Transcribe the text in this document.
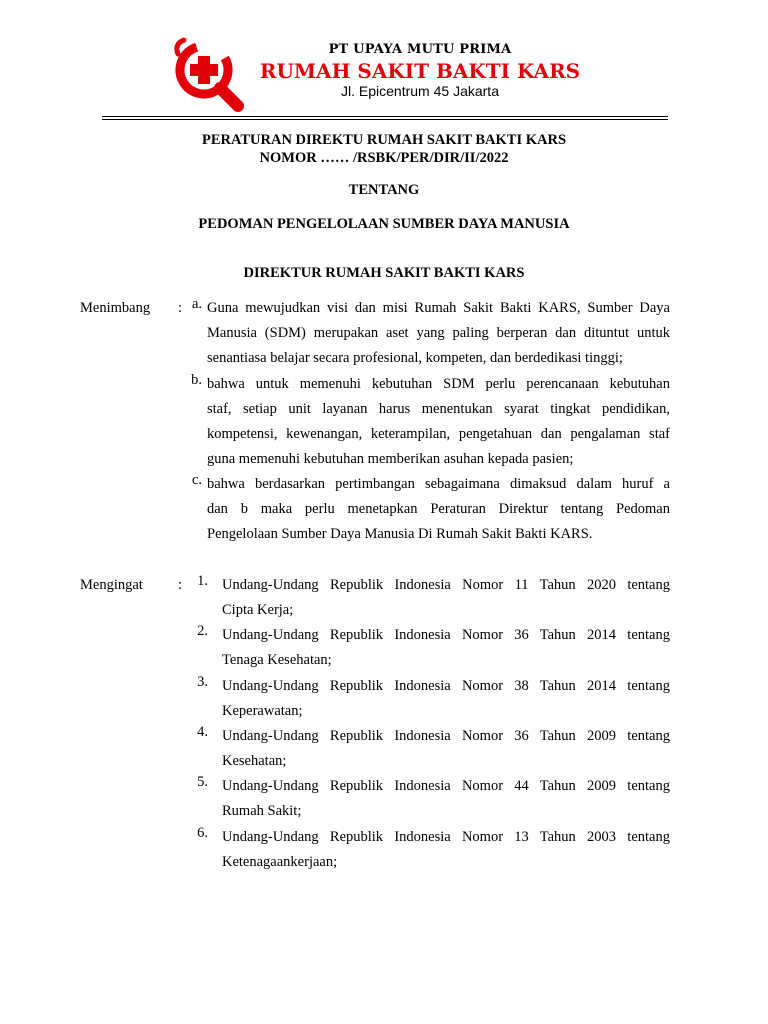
PT UPAYA MUTU PRIMA
RUMAH SAKIT BAKTI KARS
Jl. Epicentrum 45 Jakarta
PERATURAN DIREKTU RUMAH SAKIT BAKTI KARS
NOMOR …… /RSBK/PER/DIR/II/2022
TENTANG
PEDOMAN PENGELOLAAN SUMBER DAYA MANUSIA
DIREKTUR RUMAH SAKIT BAKTI KARS
Menimbang : a. Guna mewujudkan visi dan misi Rumah Sakit Bakti KARS, Sumber Daya
Manusia (SDM) merupakan aset yang paling berperan dan dituntut untuk
senantiasa belajar secara profesional, kompeten, dan berdedikasi tinggi;
b. bahwa untuk memenuhi kebutuhan SDM perlu perencanaan kebutuhan
staf, setiap unit layanan harus menentukan syarat tingkat pendidikan,
kompetensi, kewenangan, keterampilan, pengetahuan dan pengalaman staf
guna memenuhi kebutuhan memberikan asuhan kepada pasien;
c. bahwa berdasarkan pertimbangan sebagaimana dimaksud dalam huruf a
dan b maka perlu menetapkan Peraturan Direktur tentang Pedoman
Pengelolaan Sumber Daya Manusia Di Rumah Sakit Bakti KARS.
Mengingat :	1. Undang-Undang Republik Indonesia Nomor 11 Tahun 2020 tentang
Cipta Kerja;
2. Undang-Undang Republik Indonesia Nomor 36 Tahun 2014 tentang
Tenaga Kesehatan;
3. Undang-Undang Republik Indonesia Nomor 38 Tahun 2014 tentang
Keperawatan;
4. Undang-Undang Republik Indonesia Nomor 36 Tahun 2009 tentang
Kesehatan;
5. Undang-Undang Republik Indonesia Nomor 44 Tahun 2009 tentang
Rumah Sakit;
6. Undang-Undang Republik Indonesia Nomor 13 Tahun 2003 tentang
Ketenagaankerjaan;
